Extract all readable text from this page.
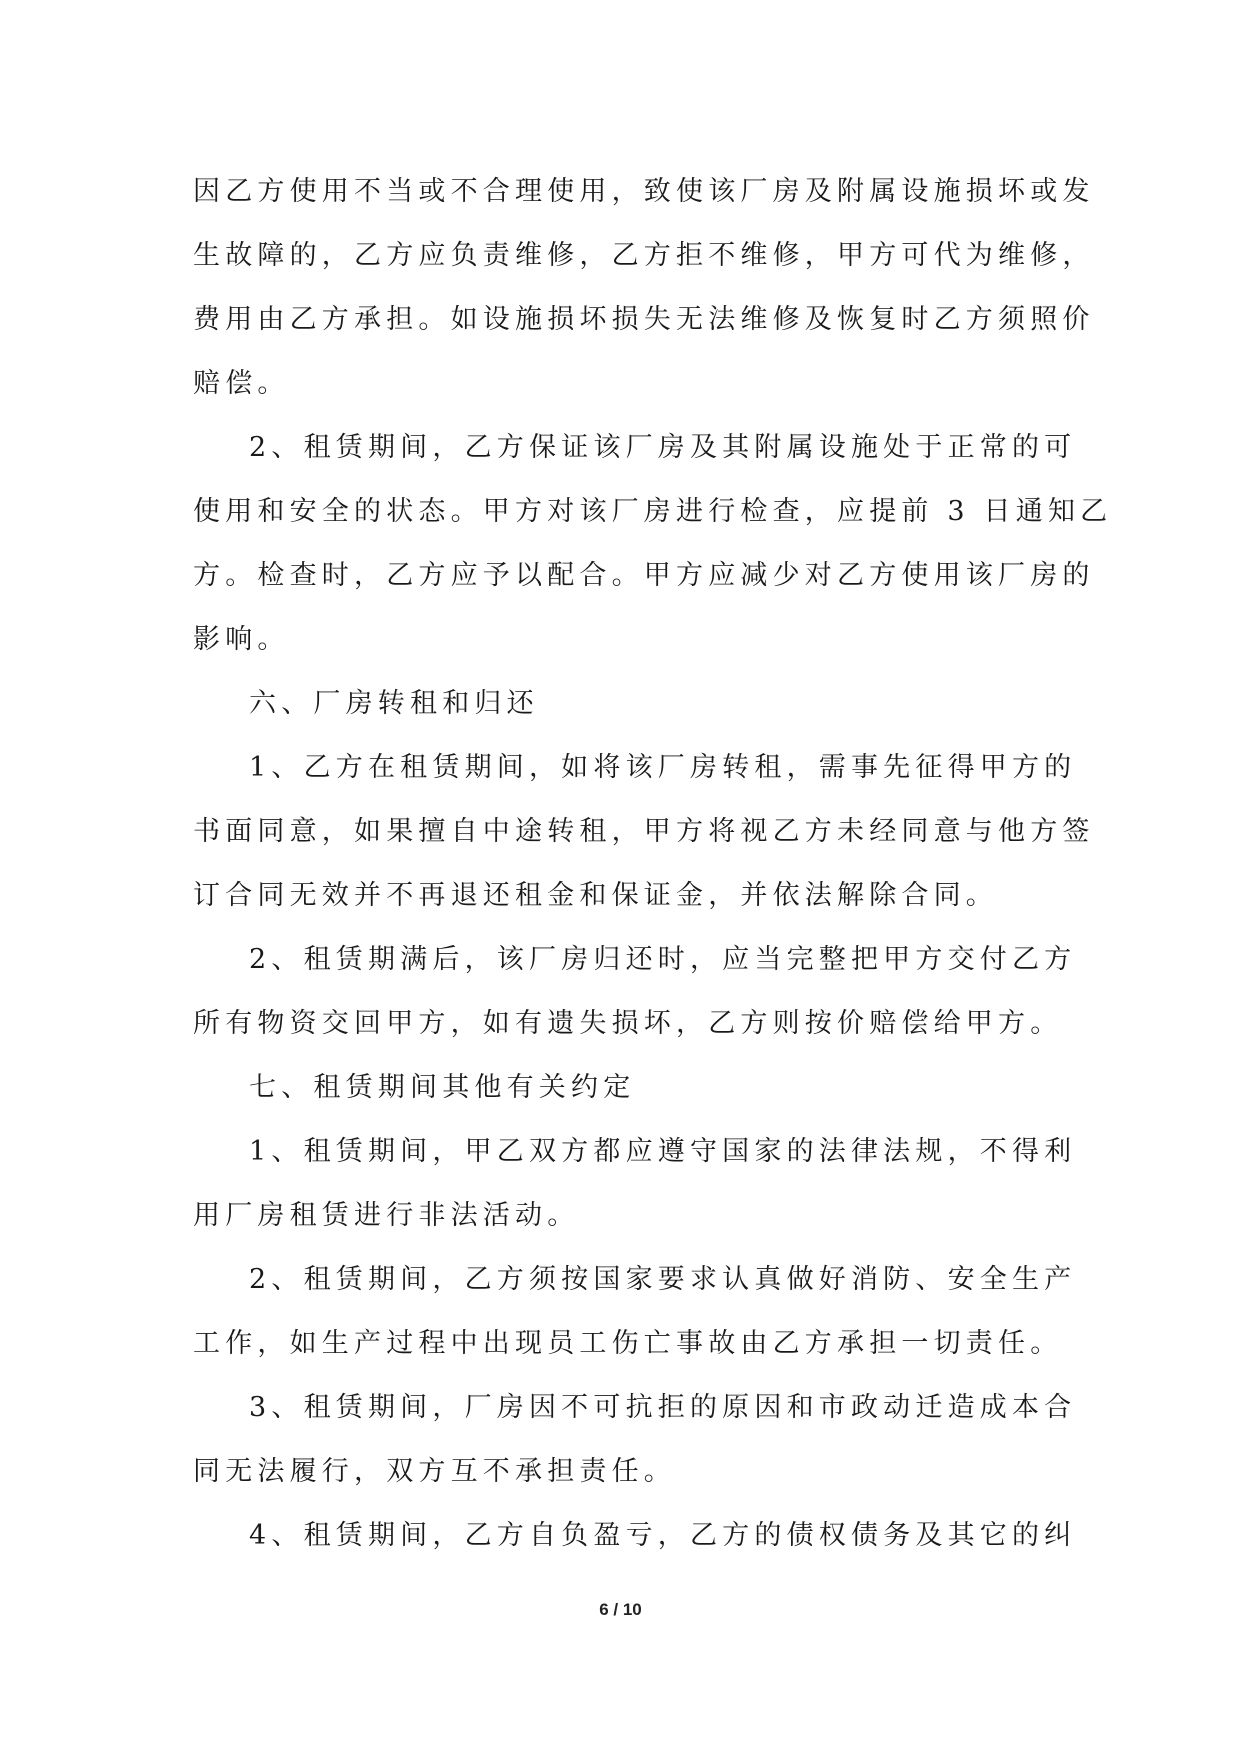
因乙方使用不当或不合理使用，致使该厂房及附属设施损坏或发
生故障的，乙方应负责维修，乙方拒不维修，甲方可代为维修，
费用由乙方承担。如设施损坏损失无法维修及恢复时乙方须照价
赔偿。
2、租赁期间，乙方保证该厂房及其附属设施处于正常的可
使用和安全的状态。甲方对该厂房进行检查，应提前 3 日通知乙
方。检查时，乙方应予以配合。甲方应减少对乙方使用该厂房的
影响。
六、厂房转租和归还
1、乙方在租赁期间，如将该厂房转租，需事先征得甲方的
书面同意，如果擅自中途转租，甲方将视乙方未经同意与他方签
订合同无效并不再退还租金和保证金，并依法解除合同。
2、租赁期满后，该厂房归还时，应当完整把甲方交付乙方
所有物资交回甲方，如有遗失损坏，乙方则按价赔偿给甲方。
七、租赁期间其他有关约定
1、租赁期间，甲乙双方都应遵守国家的法律法规，不得利
用厂房租赁进行非法活动。
2、租赁期间，乙方须按国家要求认真做好消防、安全生产
工作，如生产过程中出现员工伤亡事故由乙方承担一切责任。
3、租赁期间，厂房因不可抗拒的原因和市政动迁造成本合
同无法履行，双方互不承担责任。
4、租赁期间，乙方自负盈亏，乙方的债权债务及其它的纠
6 / 10
